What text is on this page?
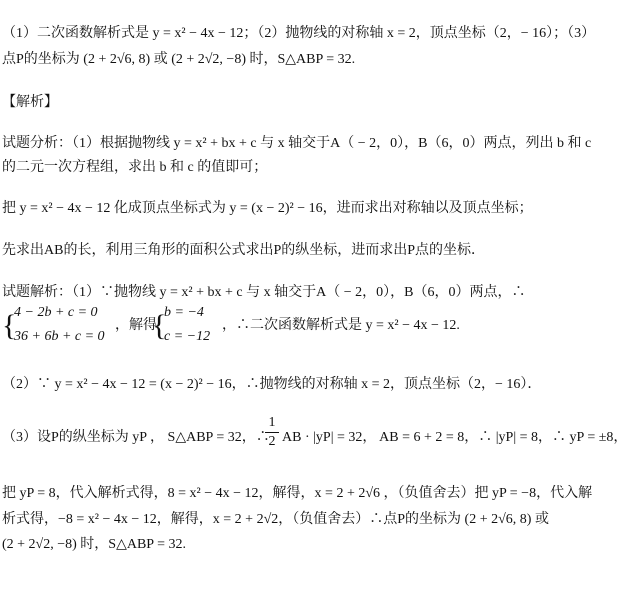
（1）二次函数解析式是 y = x² − 4x − 12；（2）抛物线的对称轴 x = 2，顶点坐标（2，− 16）；（3）
点P的坐标为 (2 + 2√6, 8) 或 (2 + 2√2, −8) 时，S△ABP = 32.
【解析】
试题分析：（1）根据抛物线 y = x² + bx + c 与 x 轴交于A（ − 2，0），B（6，0）两点，列出 b 和 c
的二元一次方程组，求出 b 和 c 的值即可；
把 y = x² − 4x − 12 化成顶点坐标式为 y = (x − 2)² − 16，进而求出对称轴以及顶点坐标；
先求出AB的长，利用三角形的面积公式求出P的纵坐标，进而求出P点的坐标．
试题解析：（1）∵抛物线 y = x² + bx + c 与 x 轴交于A（ − 2，0），B（6，0）两点，∴
{
4 − 2b + c = 0
36 + 6b + c = 0
，解得
{
b = −4
c = −12
，∴二次函数解析式是 y = x² − 4x − 12.
（2）∵ y = x² − 4x − 12 = (x − 2)² − 16，∴抛物线的对称轴 x = 2，顶点坐标（2，− 16）．
（3）设P的纵坐标为 yP ， S△ABP = 32，∴
1
2 AB · |yP| = 32， AB = 6 + 2 = 8，∴ |yP| = 8，∴ yP = ±8，
把 yP = 8，代入解析式得，8 = x² − 4x − 12，解得，x = 2 + 2√6 ，（负值舍去）把 yP = −8，代入解
析式得，−8 = x² − 4x − 12，解得，x = 2 + 2√2，（负值舍去）∴点P的坐标为 (2 + 2√6, 8) 或
(2 + 2√2, −8) 时，S△ABP = 32.
